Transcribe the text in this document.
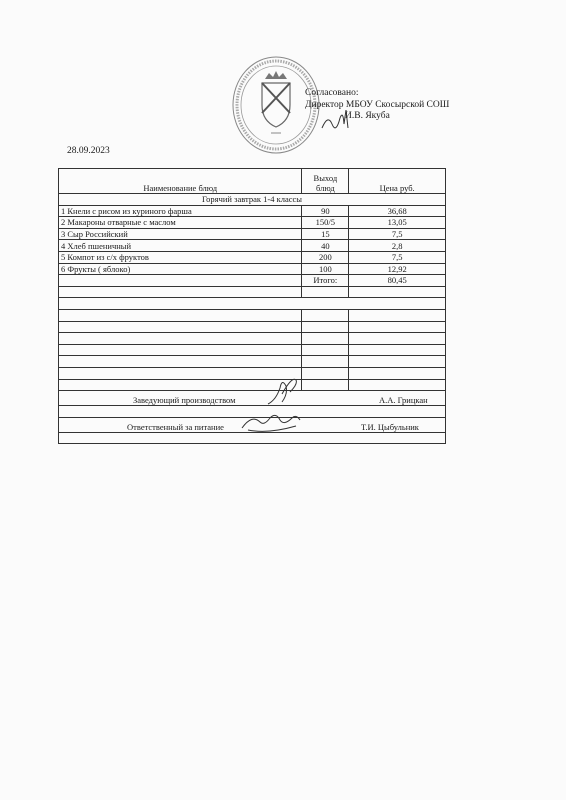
Согласовано:
Директор МБОУ Скосырской СОШ
И.В. Якуба
28.09.2023
Наименование блюд	Выход блюд	Цена руб.
Горячий завтрак 1-4 классы		
1 Кнели с рисом из куриного фарша	90	36,68
2 Макароны отварные с маслом	150/5	13,05
3 Сыр Российский	15	7,5
4 Хлеб пшеничный	40	2,8
5 Компот из с/х фруктов	200	7,5
6 Фрукты ( яблоко)	100	12,92
	Итого:	80,45

Заведующий производством А.А. Грицкан		

Ответственный за питание Т.И. Цыбульник		
